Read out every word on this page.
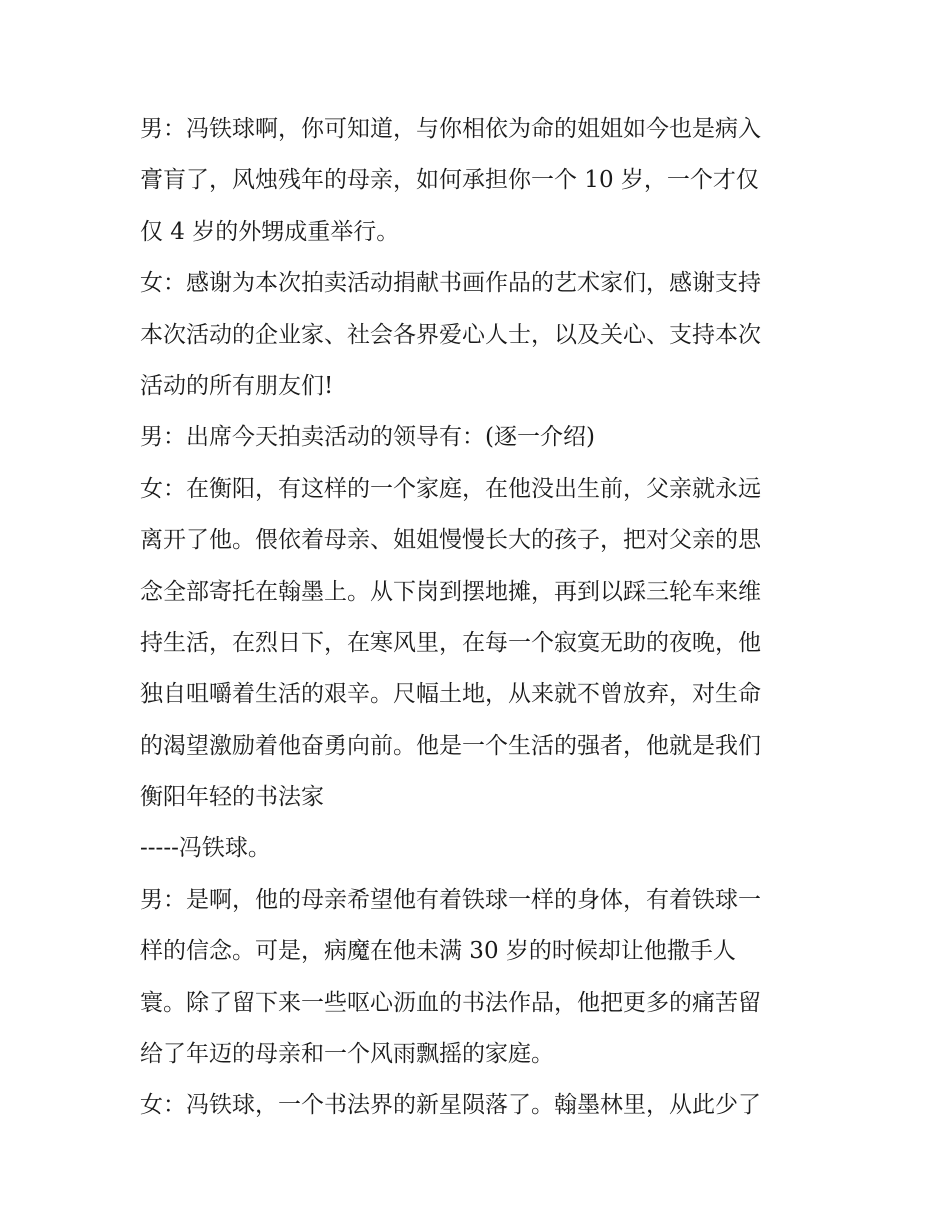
男：冯铁球啊，你可知道，与你相依为命的姐姐如今也是病入
膏肓了，风烛残年的母亲，如何承担你一个 10 岁，一个才仅
仅 4 岁的外甥成重举行。
女：感谢为本次拍卖活动捐献书画作品的艺术家们，感谢支持
本次活动的企业家、社会各界爱心人士，以及关心、支持本次
活动的所有朋友们!
男：出席今天拍卖活动的领导有：(逐一介绍)
女：在衡阳，有这样的一个家庭，在他没出生前，父亲就永远
离开了他。偎依着母亲、姐姐慢慢长大的孩子，把对父亲的思
念全部寄托在翰墨上。从下岗到摆地摊，再到以踩三轮车来维
持生活，在烈日下，在寒风里，在每一个寂寞无助的夜晚，他
独自咀嚼着生活的艰辛。尺幅土地，从来就不曾放弃，对生命
的渴望激励着他奋勇向前。他是一个生活的强者，他就是我们
衡阳年轻的书法家
-----冯铁球。
男：是啊，他的母亲希望他有着铁球一样的身体，有着铁球一
样的信念。可是，病魔在他未满 30 岁的时候却让他撒手人
寰。除了留下来一些呕心沥血的书法作品，他把更多的痛苦留
给了年迈的母亲和一个风雨飘摇的家庭。
女：冯铁球，一个书法界的新星陨落了。翰墨林里，从此少了
